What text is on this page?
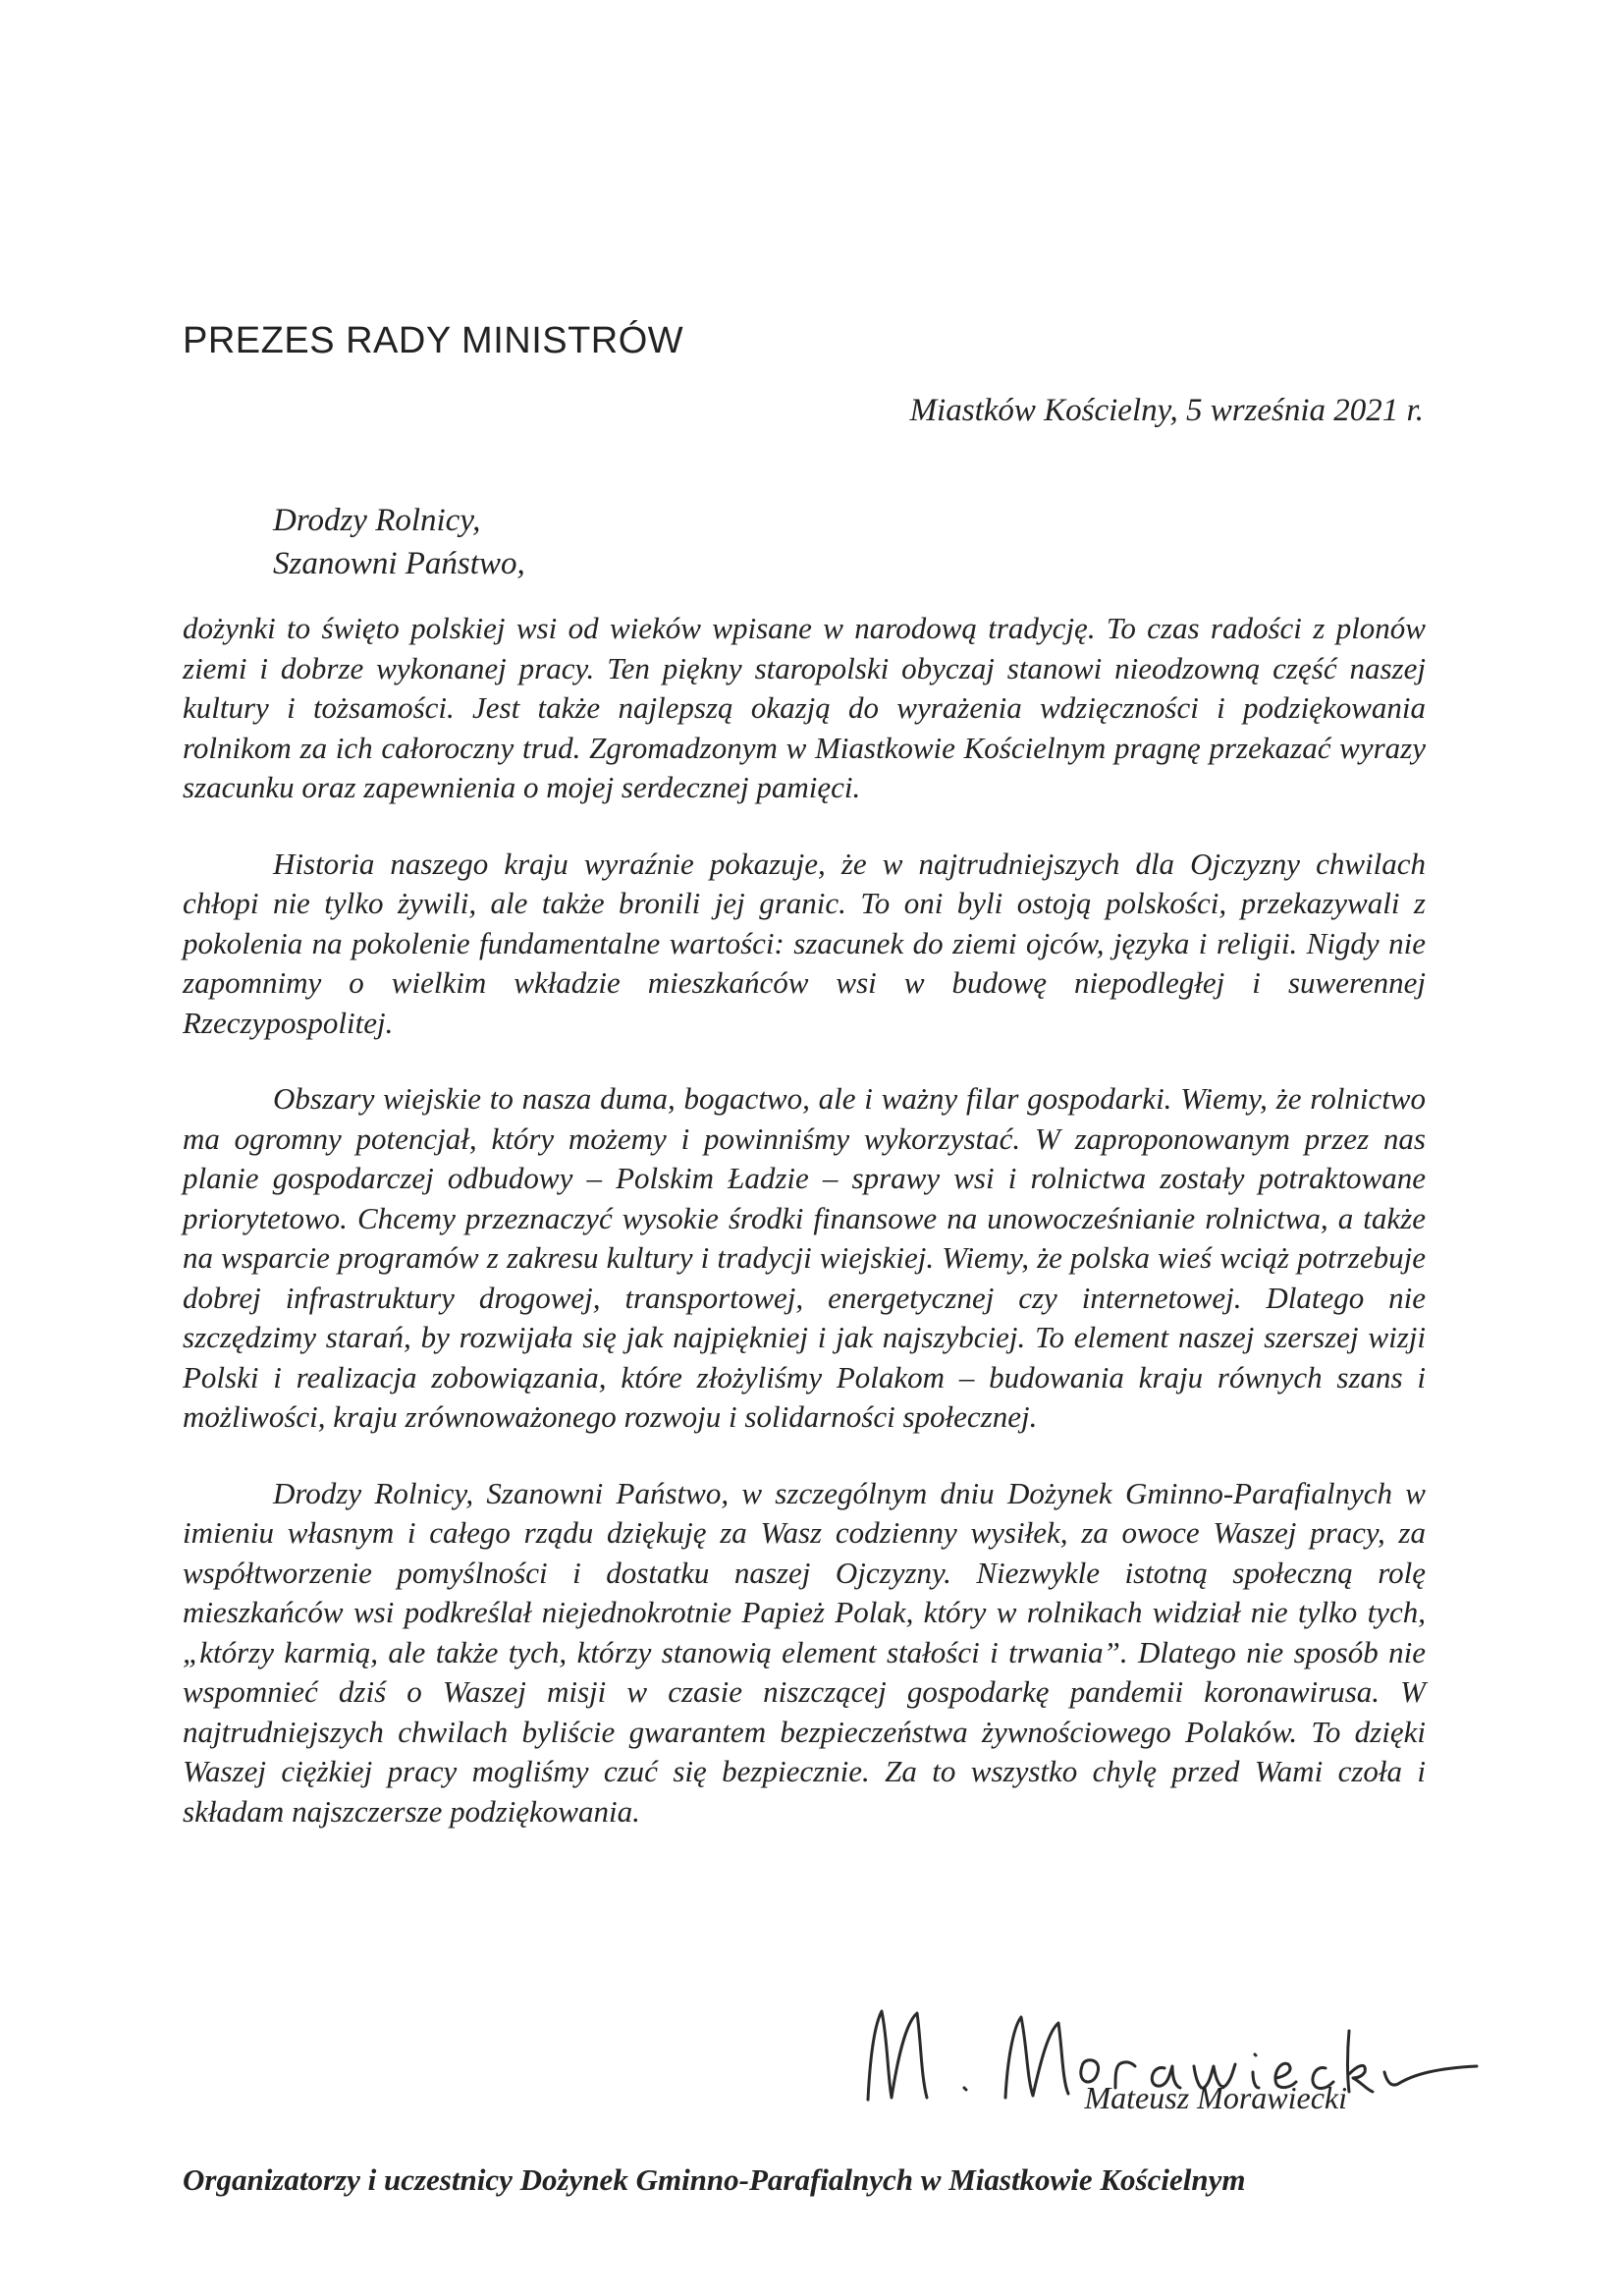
PREZES RADY MINISTRÓW
Miastków Kościelny, 5 września 2021 r.
Drodzy Rolnicy,
Szanowni Państwo,

dożynki to święto polskiej wsi od wieków wpisane w narodową tradycję. To czas radości z plonów ziemi i dobrze wykonanej pracy. Ten piękny staropolski obyczaj stanowi nieodzowną część naszej kultury i tożsamości. Jest także najlepszą okazją do wyrażenia wdzięczności i podziękowania rolnikom za ich całoroczny trud. Zgromadzonym w Miastkowie Kościelnym pragnę przekazać wyrazy szacunku oraz zapewnienia o mojej serdecznej pamięci.

Historia naszego kraju wyraźnie pokazuje, że w najtrudniejszych dla Ojczyzny chwilach chłopi nie tylko żywili, ale także bronili jej granic. To oni byli ostoją polskości, przekazywali z pokolenia na pokolenie fundamentalne wartości: szacunek do ziemi ojców, języka i religii. Nigdy nie zapomnimy o wielkim wkładzie mieszkańców wsi w budowę niepodległej i suwerennej Rzeczypospolitej.

Obszary wiejskie to nasza duma, bogactwo, ale i ważny filar gospodarki. Wiemy, że rolnictwo ma ogromny potencjał, który możemy i powinniśmy wykorzystać. W zaproponowanym przez nas planie gospodarczej odbudowy – Polskim Ładzie – sprawy wsi i rolnictwa zostały potraktowane priorytetowo. Chcemy przeznaczyć wysokie środki finansowe na unowocześnianie rolnictwa, a także na wsparcie programów z zakresu kultury i tradycji wiejskiej. Wiemy, że polska wieś wciąż potrzebuje dobrej infrastruktury drogowej, transportowej, energetycznej czy internetowej. Dlatego nie szczędzimy starań, by rozwijała się jak najpiękniej i jak najszybciej. To element naszej szerszej wizji Polski i realizacja zobowiązania, które złożyliśmy Polakom – budowania kraju równych szans i możliwości, kraju zrównoważonego rozwoju i solidarności społecznej.

Drodzy Rolnicy, Szanowni Państwo, w szczególnym dniu Dożynek Gminno-Parafialnych w imieniu własnym i całego rządu dziękuję za Wasz codzienny wysiłek, za owoce Waszej pracy, za współtworzenie pomyślności i dostatku naszej Ojczyzny. Niezwykle istotną społeczną rolę mieszkańców wsi podkreślał niejednokrotnie Papież Polak, który w rolnikach widział nie tylko tych, „którzy karmią, ale także tych, którzy stanowią element stałości i trwania”. Dlatego nie sposób nie wspomnieć dziś o Waszej misji w czasie niszczącej gospodarkę pandemii koronawirusa. W najtrudniejszych chwilach byliście gwarantem bezpieczeństwa żywnościowego Polaków. To dzięki Waszej ciężkiej pracy mogliśmy czuć się bezpiecznie. Za to wszystko chylę przed Wami czoła i składam najszczersze podziękowania.

Mateusz Morawiecki
Organizatorzy i uczestnicy Dożynek Gminno-Parafialnych w Miastkowie Kościelnym
